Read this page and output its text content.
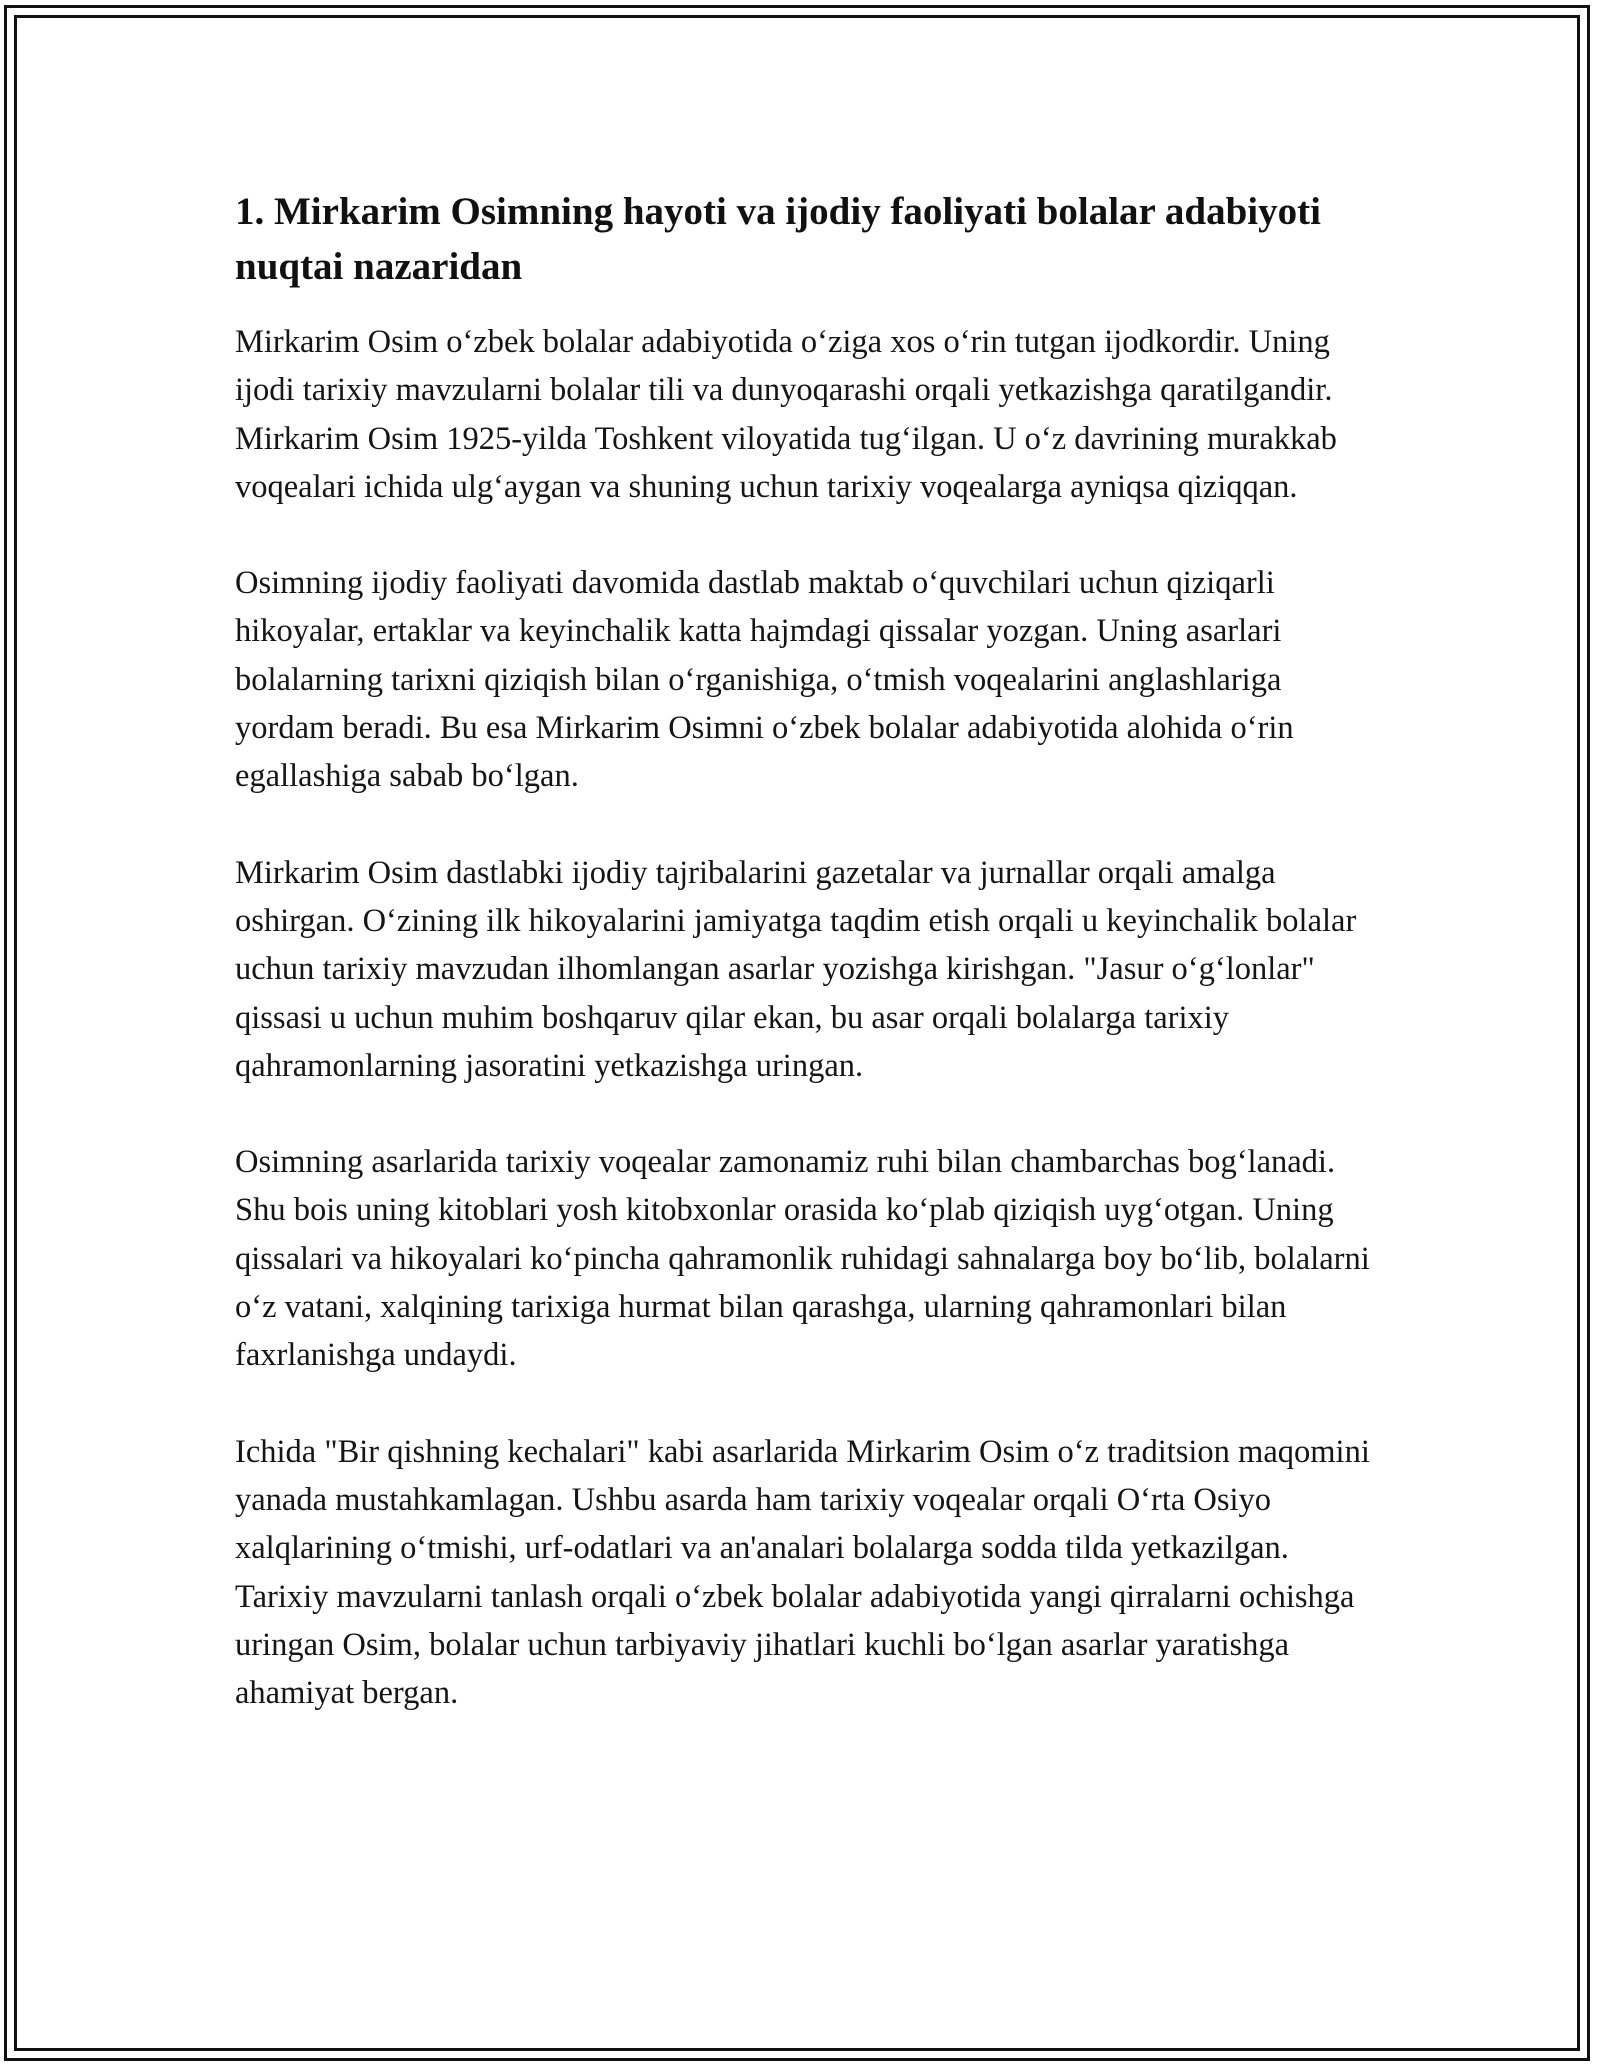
1. Mirkarim Osimning hayoti va ijodiy faoliyati bolalar adabiyoti nuqtai nazaridan

Mirkarim Osim o‘zbek bolalar adabiyotida o‘ziga xos o‘rin tutgan ijodkordir. Uning ijodi tarixiy mavzularni bolalar tili va dunyoqarashi orqali yetkazishga qaratilgandir. Mirkarim Osim 1925-yilda Toshkent viloyatida tug‘ilgan. U o‘z davrining murakkab voqealari ichida ulg‘aygan va shuning uchun tarixiy voqealarga ayniqsa qiziqqan.

Osimning ijodiy faoliyati davomida dastlab maktab o‘quvchilari uchun qiziqarli hikoyalar, ertaklar va keyinchalik katta hajmdagi qissalar yozgan. Uning asarlari bolalarning tarixni qiziqish bilan o‘rganishiga, o‘tmish voqealarini anglashlariga yordam beradi. Bu esa Mirkarim Osimni o‘zbek bolalar adabiyotida alohida o‘rin egallashiga sabab bo‘lgan.

Mirkarim Osim dastlabki ijodiy tajribalarini gazetalar va jurnallar orqali amalga oshirgan. O‘zining ilk hikoyalarini jamiyatga taqdim etish orqali u keyinchalik bolalar uchun tarixiy mavzudan ilhomlangan asarlar yozishga kirishgan. "Jasur o‘g‘lonlar" qissasi u uchun muhim boshqaruv qilar ekan, bu asar orqali bolalarga tarixiy qahramonlarning jasoratini yetkazishga uringan.

Osimning asarlarida tarixiy voqealar zamonamiz ruhi bilan chambarchas bog‘lanadi. Shu bois uning kitoblari yosh kitobxonlar orasida ko‘plab qiziqish uyg‘otgan. Uning qissalari va hikoyalari ko‘pincha qahramonlik ruhidagi sahnalarga boy bo‘lib, bolalarni o‘z vatani, xalqining tarixiga hurmat bilan qarashga, ularning qahramonlari bilan faxrlanishga undaydi.

Ichida "Bir qishning kechalari" kabi asarlarida Mirkarim Osim o‘z traditsion maqomini yanada mustahkamlagan. Ushbu asarda ham tarixiy voqealar orqali O‘rta Osiyo xalqlarining o‘tmishi, urf-odatlari va an'analari bolalarga sodda tilda yetkazilgan. Tarixiy mavzularni tanlash orqali o‘zbek bolalar adabiyotida yangi qirralarni ochishga uringan Osim, bolalar uchun tarbiyaviy jihatlari kuchli bo‘lgan asarlar yaratishga ahamiyat bergan.
